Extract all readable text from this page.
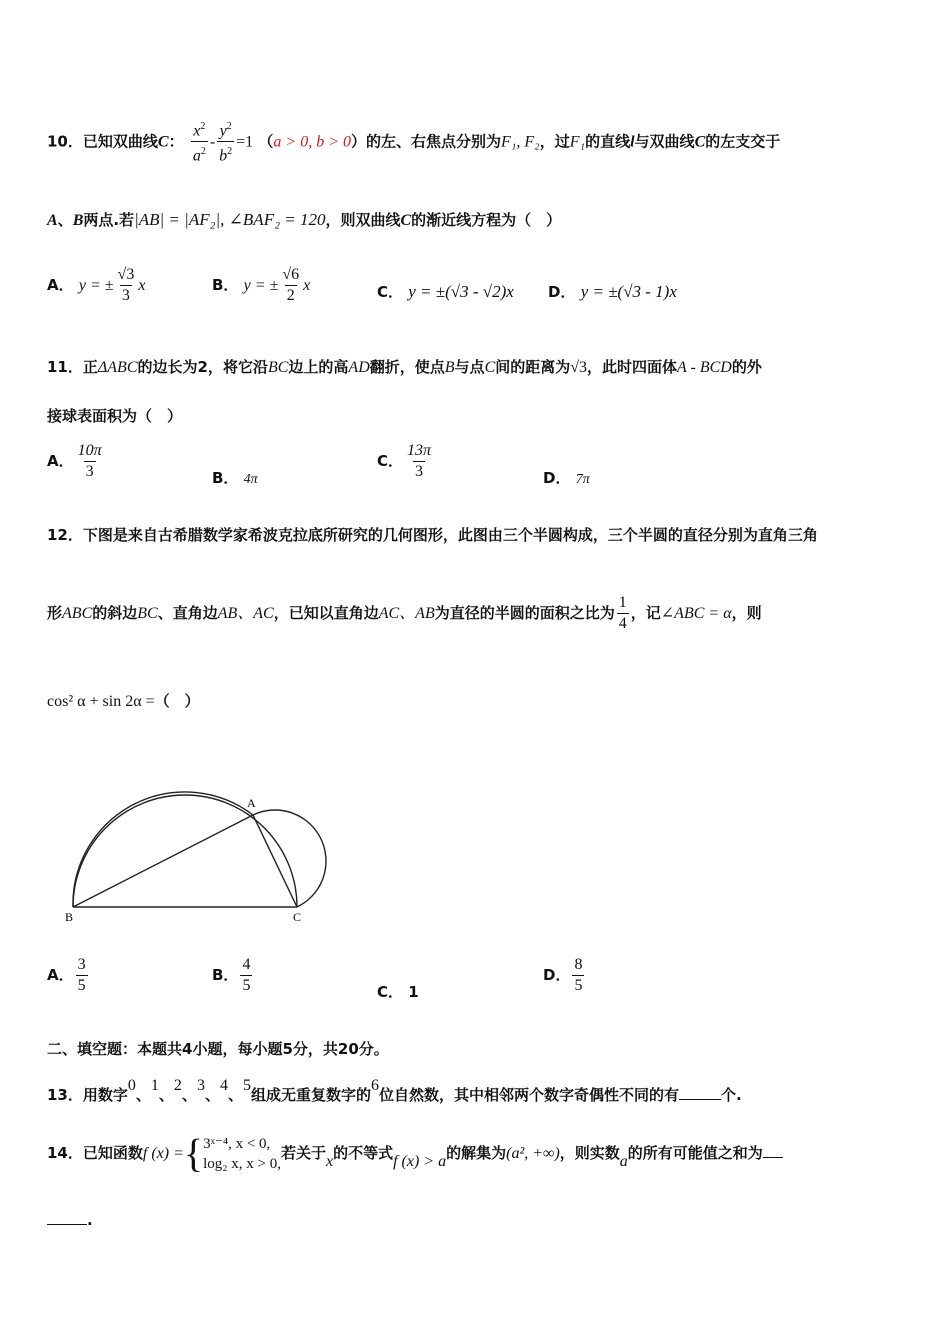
10．已知双曲线C： $\frac{x^2}{a^2} - \frac{y^2}{b^2} =1$ （a > 0, b > 0）的左、右焦点分别为F₁, F₂，过F₁的直线l与双曲线C的左支交于
A、B两点.若|AB| = |AF₂|, ∠BAF₂ = 120，则双曲线C的渐近线方程为（　）
A． y = ± $\frac{√3}{3}$ x	B． y = ± $\frac{√6}{2}$ x	C． y = ±(√3 - √2)x D． y = ±(√3 - 1)x
11．正ΔABC的边长为2，将它沿BC边上的高AD翻折，使点B与点C间的距离为√3，此时四面体A - BCD的外
接球表面积为（　）
A． $\frac{10\pi}{3}$	B． 4π
C． $\frac{13\pi}{3}$	D． 7π
12．下图是来自古希腊数学家希波克拉底所研究的几何图形，此图由三个半圆构成，三个半圆的直径分别为直角三角
形ABC的斜边BC、直角边AB、AC，已知以直角边AC、AB为直径的半圆的面积之比为 $\frac{1}{4}$ ，记∠ABC = α，则
cos² α + sin 2α =（　）
A
B	C
A． $\frac{3}{5}$	B． $\frac{4}{5}$	C． 1
D． $\frac{8}{5}$
二、填空题：本题共4小题，每小题5分，共20分。
13．用数字0、1、2、3、4、5组成无重复数字的6位自然数，其中相邻两个数字奇偶性不同的有	个.
14．已知函数f (x) ={ 3ˣ⁻⁴, x < 0,
log₂ x, x > 0,
若关于x的不等式f (x) > a的解集为(a², +∞)，则实数a的所有可能值之和为
.
